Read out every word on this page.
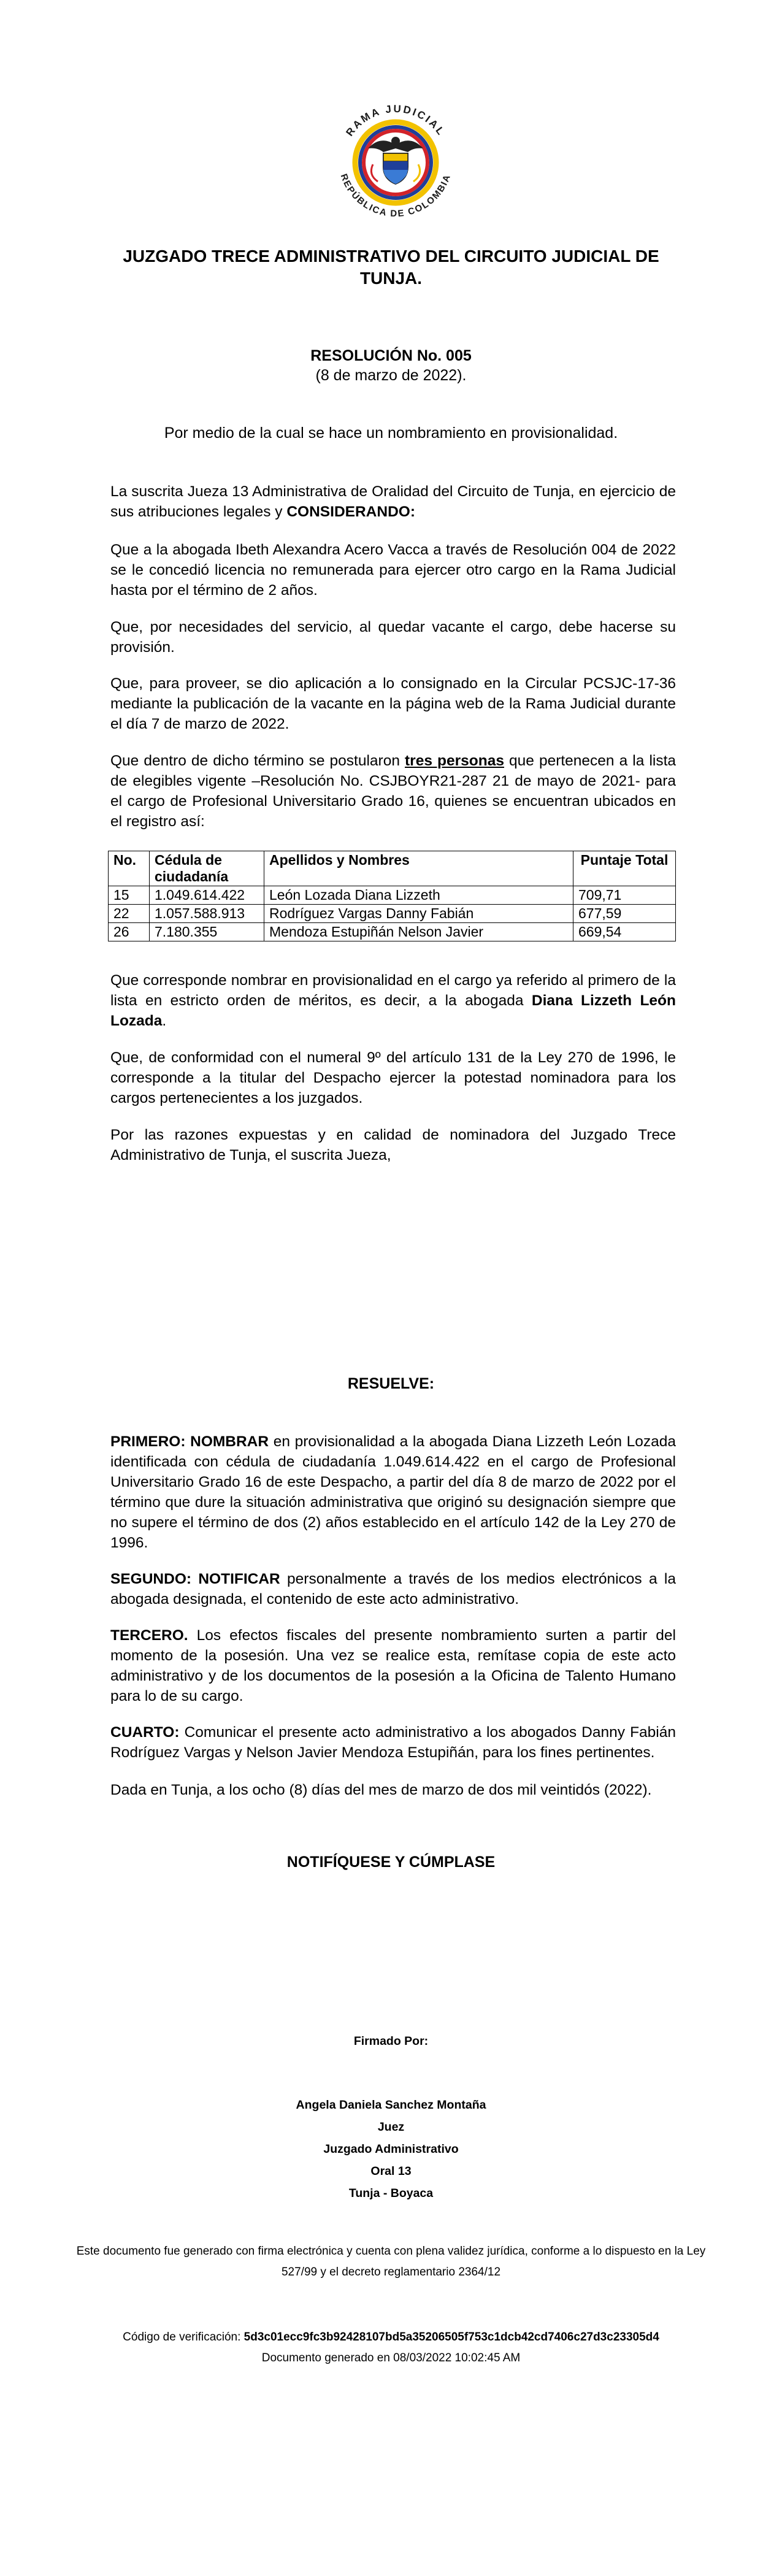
RAMA JUDICIAL
REPÚBLICA DE COLOMBIA
JUZGADO TRECE ADMINISTRATIVO DEL CIRCUITO JUDICIAL DE
TUNJA.
RESOLUCIÓN No. 005
(8 de marzo de 2022).
Por medio de la cual se hace un nombramiento en provisionalidad.
La suscrita Jueza 13 Administrativa de Oralidad del Circuito de Tunja, en ejercicio de sus atribuciones legales y CONSIDERANDO:
Que a la abogada Ibeth Alexandra Acero Vacca a través de Resolución 004 de 2022 se le concedió licencia no remunerada para ejercer otro cargo en la Rama Judicial hasta por el término de 2 años.
Que, por necesidades del servicio, al quedar vacante el cargo, debe hacerse su provisión.
Que, para proveer, se dio aplicación a lo consignado en la Circular PCSJC-17-36 mediante la publicación de la vacante en la página web de la Rama Judicial durante el día 7 de marzo de 2022.
Que dentro de dicho término se postularon tres personas que pertenecen a la lista de elegibles vigente –Resolución No. CSJBOYR21-287 21 de mayo de 2021- para el cargo de Profesional Universitario Grado 16, quienes se encuentran ubicados en el registro así:
No.	Cédula de ciudadanía	Apellidos y Nombres	Puntaje Total
15	1.049.614.422	León Lozada Diana Lizzeth	709,71
22	1.057.588.913	Rodríguez Vargas Danny Fabián	677,59
26	7.180.355	Mendoza Estupiñán Nelson Javier	669,54
Que corresponde nombrar en provisionalidad en el cargo ya referido al primero de la lista en estricto orden de méritos, es decir, a la abogada Diana Lizzeth León Lozada.
Que, de conformidad con el numeral 9º del artículo 131 de la Ley 270 de 1996, le corresponde a la titular del Despacho ejercer la potestad nominadora para los cargos pertenecientes a los juzgados.
Por las razones expuestas y en calidad de nominadora del Juzgado Trece Administrativo de Tunja, el suscrita Jueza,
RESUELVE:
PRIMERO: NOMBRAR en provisionalidad a la abogada Diana Lizzeth León Lozada identificada con cédula de ciudadanía 1.049.614.422 en el cargo de Profesional Universitario Grado 16 de este Despacho, a partir del día 8 de marzo de 2022 por el término que dure la situación administrativa que originó su designación siempre que no supere el término de dos (2) años establecido en el artículo 142 de la Ley 270 de 1996.
SEGUNDO: NOTIFICAR personalmente a través de los medios electrónicos a la abogada designada, el contenido de este acto administrativo.
TERCERO. Los efectos fiscales del presente nombramiento surten a partir del momento de la posesión. Una vez se realice esta, remítase copia de este acto administrativo y de los documentos de la posesión a la Oficina de Talento Humano para lo de su cargo.
CUARTO: Comunicar el presente acto administrativo a los abogados Danny Fabián Rodríguez Vargas y Nelson Javier Mendoza Estupiñán, para los fines pertinentes.
Dada en Tunja, a los ocho (8) días del mes de marzo de dos mil veintidós (2022).
NOTIFÍQUESE Y CÚMPLASE
Firmado Por:
Angela Daniela Sanchez Montaña
Juez
Juzgado Administrativo
Oral 13
Tunja - Boyaca
Este documento fue generado con firma electrónica y cuenta con plena validez jurídica, conforme a lo dispuesto en la Ley
527/99 y el decreto reglamentario 2364/12
Código de verificación: 5d3c01ecc9fc3b92428107bd5a35206505f753c1dcb42cd7406c27d3c23305d4
Documento generado en 08/03/2022 10:02:45 AM
